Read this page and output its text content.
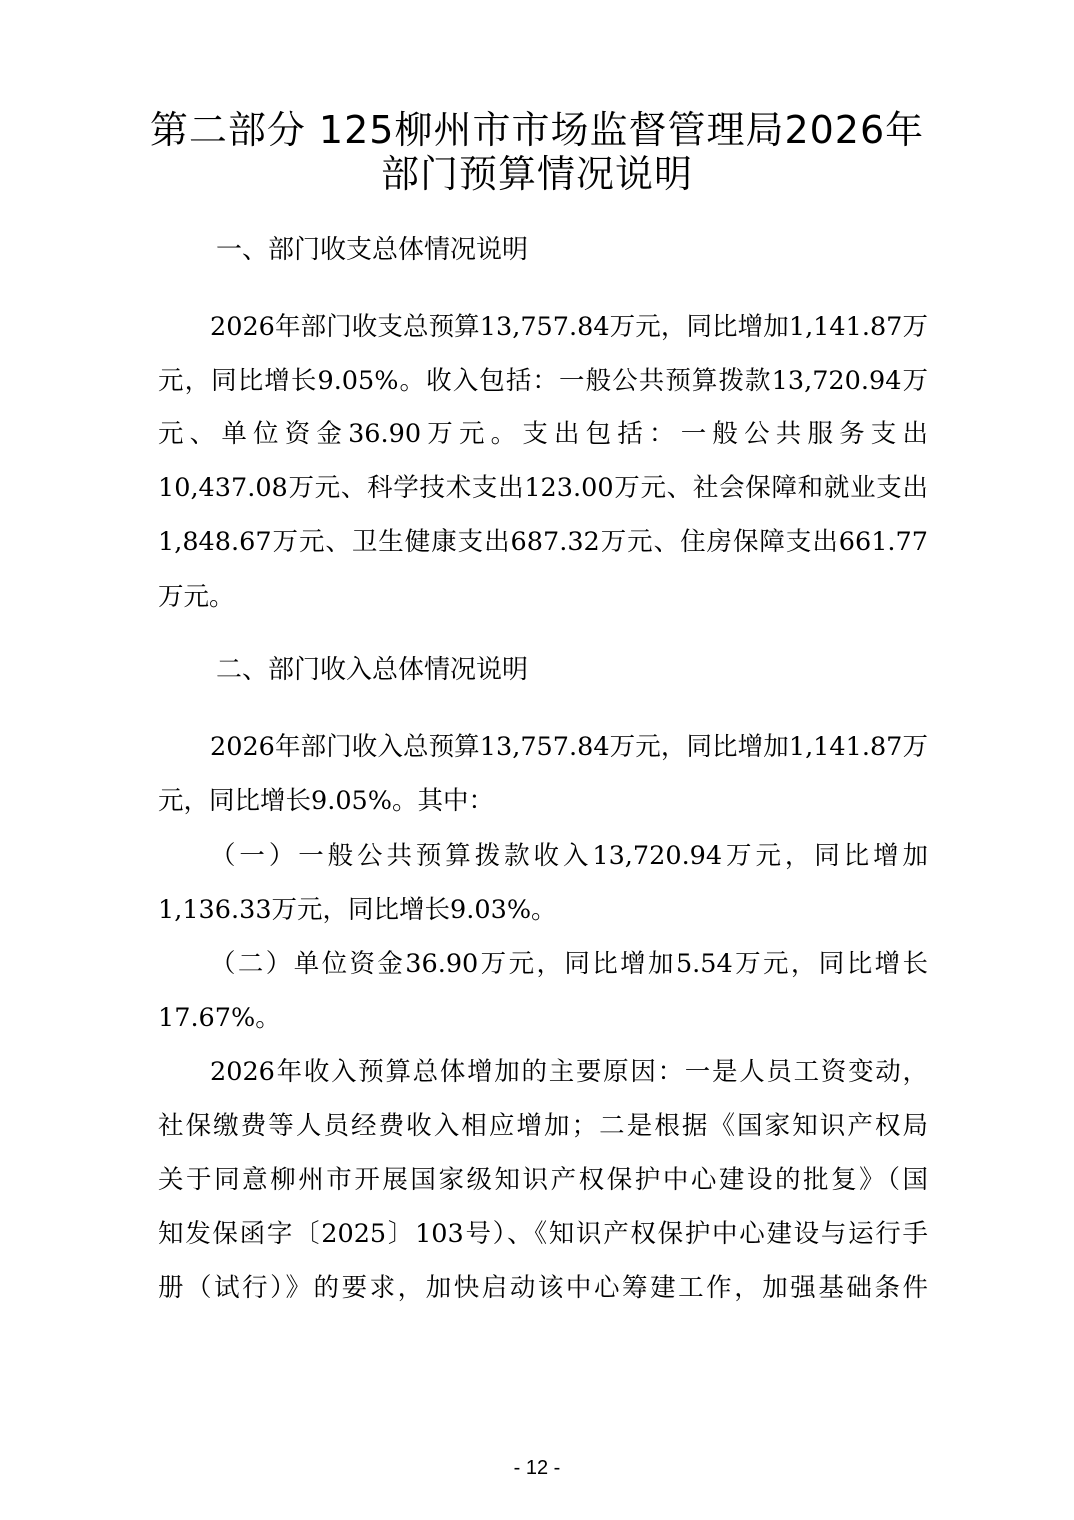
第二部分 125柳州市市场监督管理局2026年
部门预算情况说明
一、部门收支总体情况说明
2026年部门收支总预算13,757.84万元，同比增加1,141.87万
元，同比增长9.05%。收入包括：一般公共预算拨款13,720.94万
元、单位资金36.90万元。支出包括：一般公共服务支出
10,437.08万元、科学技术支出123.00万元、社会保障和就业支出
1,848.67万元、卫生健康支出687.32万元、住房保障支出661.77
万元。
二、部门收入总体情况说明
2026年部门收入总预算13,757.84万元，同比增加1,141.87万
元，同比增长9.05%。其中：
（一）一般公共预算拨款收入13,720.94万元，同比增加
1,136.33万元，同比增长9.03%。
（二）单位资金36.90万元，同比增加5.54万元，同比增长
17.67%。
2026年收入预算总体增加的主要原因：一是人员工资变动，
社保缴费等人员经费收入相应增加；二是根据《国家知识产权局
关于同意柳州市开展国家级知识产权保护中心建设的批复》（国
知发保函字〔2025〕103号）、《知识产权保护中心建设与运行手
册（试行）》的要求，加快启动该中心筹建工作，加强基础条件
- 12 -
